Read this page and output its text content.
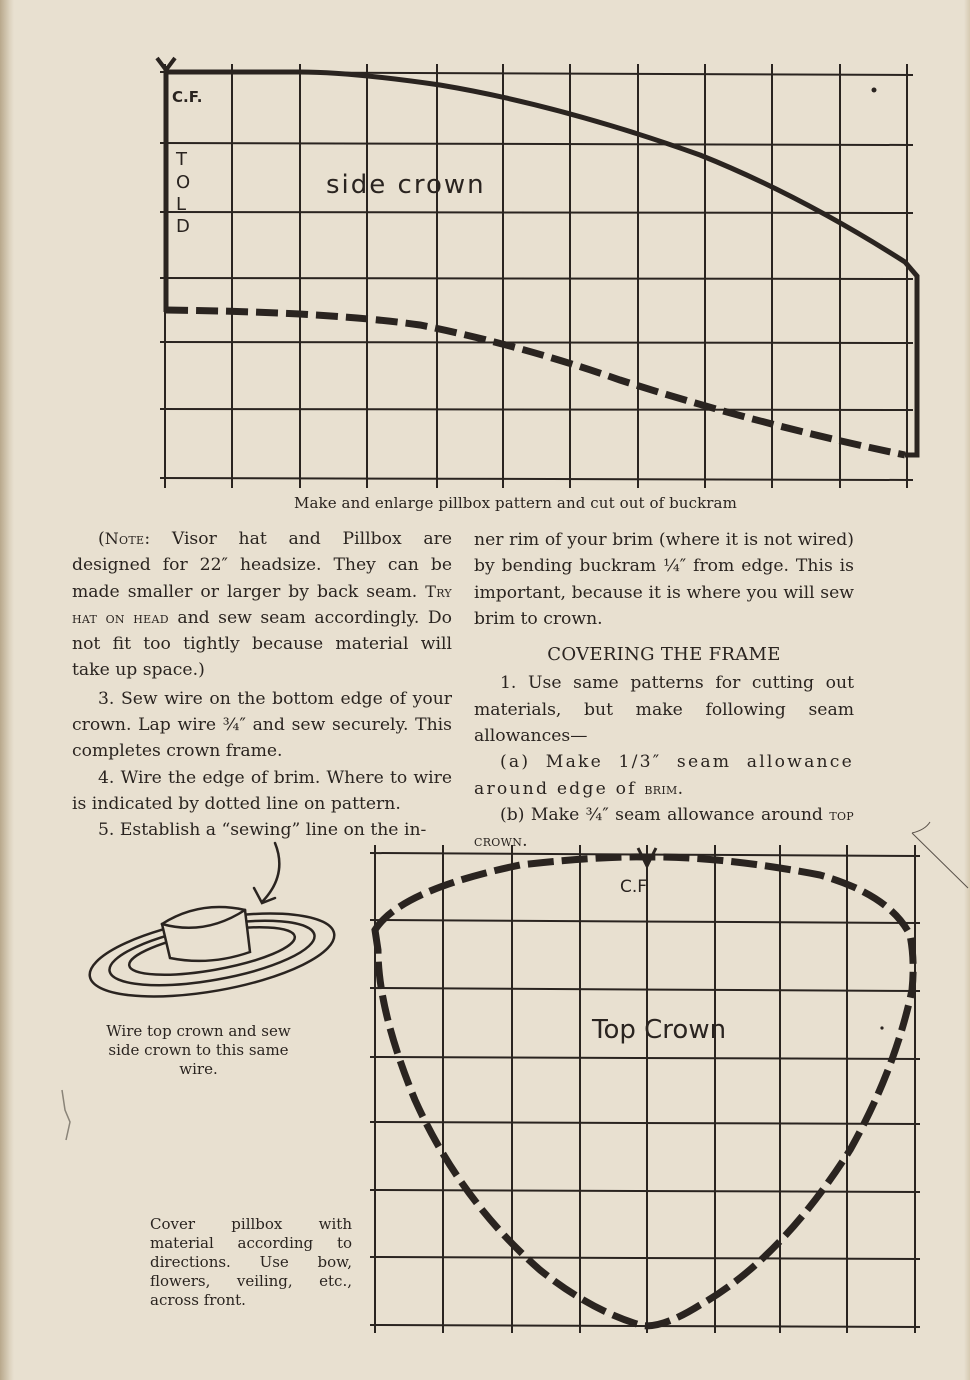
C.F.
T
O
L
D
side crown
Make and enlarge pillbox pattern and cut out of buckram

(Note: Visor hat and Pillbox are designed for 22″ headsize. They can be made smaller or larger by back seam. Try hat on head and sew seam accordingly. Do not fit too tightly because material will take up space.)

3. Sew wire on the bottom edge of your crown. Lap wire ¾″ and sew securely. This completes crown frame.

4. Wire the edge of brim. Where to wire is indicated by dotted line on pattern.

5. Establish a “sewing” line on the in-

ner rim of your brim (where it is not wired) by bending buckram ¼″ from edge. This is important, because it is where you will sew brim to crown.

COVERING THE FRAME

1. Use same patterns for cutting out materials, but make following seam allowances—

(a) Make 1/3″ seam allowance around edge of brim.

(b) Make ¾″ seam allowance around top crown.

Wire top crown and sew side crown to this same wire.
C.F.
Top Crown
Cover pillbox with material according to directions. Use bow, flowers, veiling, etc., across front.
